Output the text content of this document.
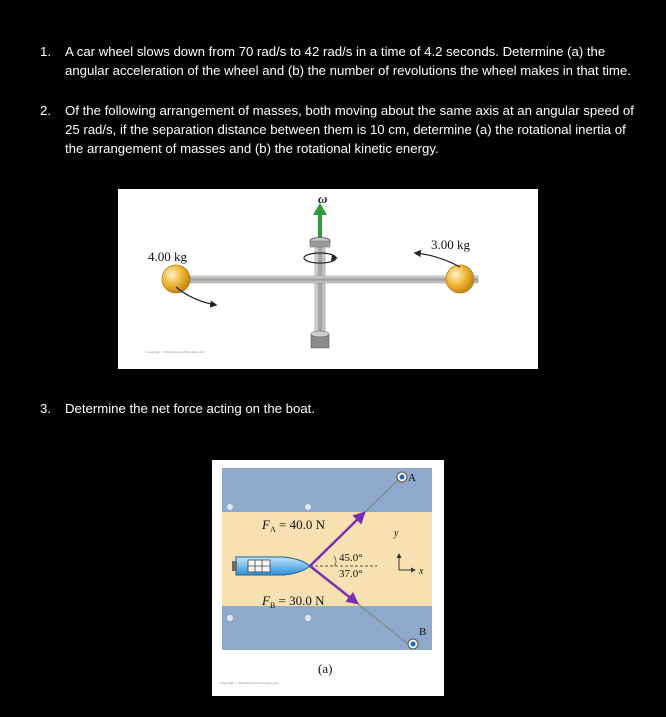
1. A car wheel slows down from 70 rad/s to 42 rad/s in a time of 4.2 seconds. Determine (a) the angular acceleration of the wheel and (b) the number of revolutions the wheel makes in that time.
2. Of the following arrangement of masses, both moving about the same axis at an angular speed of 25 rad/s, if the separation distance between them is 10 cm, determine (a) the rotational inertia of the arrangement of masses and (b) the rotational kinetic energy.
ω
4.00 kg
3.00 kg
Copyright © 2004 Pearson Education, Inc.
3. Determine the net force acting on the boat.
A
B
$F_A = 40.0$ N
$F_B = 30.0$ N
45.0°
37.0°
y
x
(a)
Copyright © 2004 Pearson Education, Inc.
